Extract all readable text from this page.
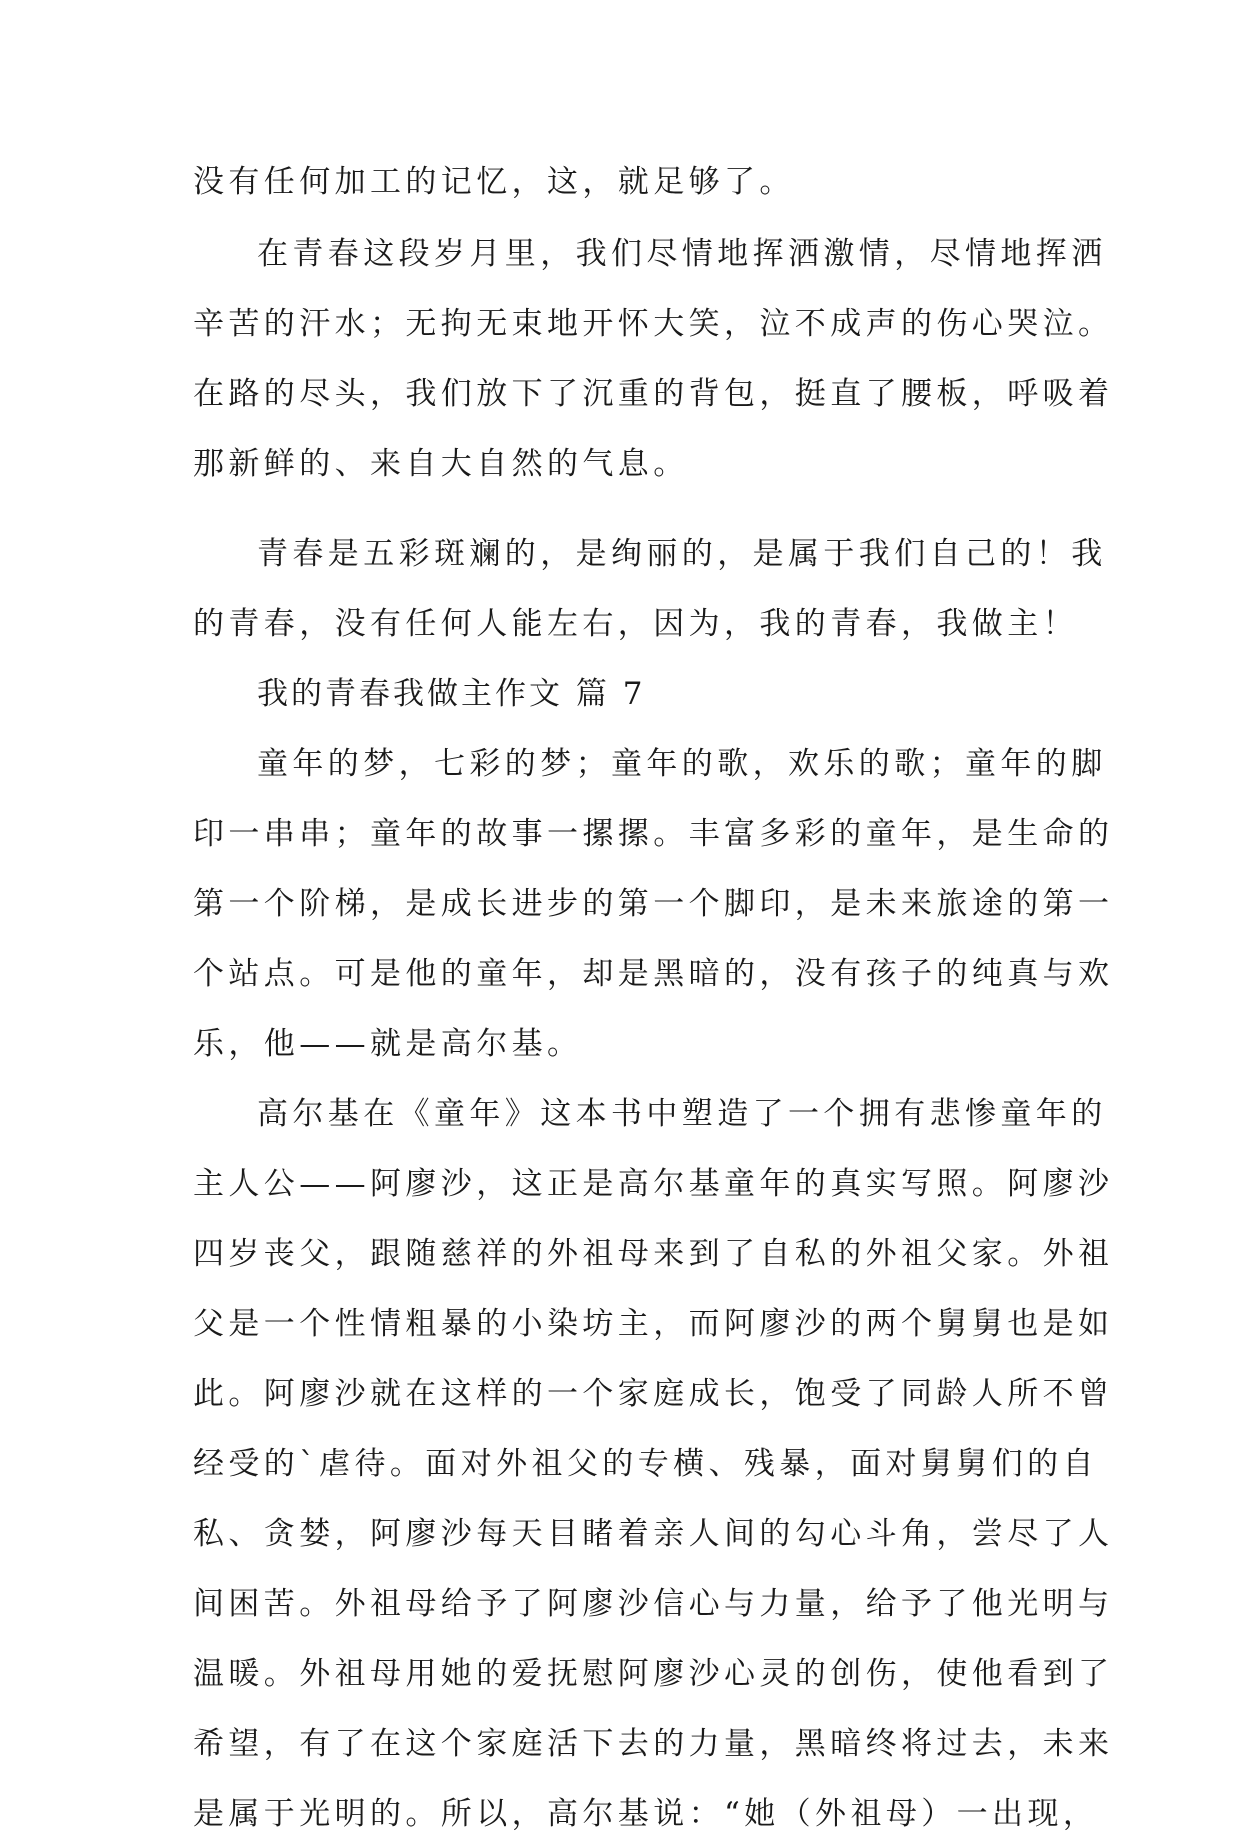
没有任何加工的记忆，这，就足够了。
在青春这段岁月里，我们尽情地挥洒激情，尽情地挥洒
辛苦的汗水；无拘无束地开怀大笑，泣不成声的伤心哭泣。
在路的尽头，我们放下了沉重的背包，挺直了腰板，呼吸着
那新鲜的、来自大自然的气息。
青春是五彩斑斓的，是绚丽的，是属于我们自己的！我
的青春，没有任何人能左右，因为，我的青春，我做主！
我的青春我做主作文 篇 7
童年的梦，七彩的梦；童年的歌，欢乐的歌；童年的脚
印一串串；童年的故事一摞摞。丰富多彩的童年，是生命的
第一个阶梯，是成长进步的第一个脚印，是未来旅途的第一
个站点。可是他的童年，却是黑暗的，没有孩子的纯真与欢
乐，他——就是高尔基。
高尔基在《童年》这本书中塑造了一个拥有悲惨童年的
主人公——阿廖沙，这正是高尔基童年的真实写照。阿廖沙
四岁丧父，跟随慈祥的外祖母来到了自私的外祖父家。外祖
父是一个性情粗暴的小染坊主，而阿廖沙的两个舅舅也是如
此。阿廖沙就在这样的一个家庭成长，饱受了同龄人所不曾
经受的`虐待。面对外祖父的专横、残暴，面对舅舅们的自
私、贪婪，阿廖沙每天目睹着亲人间的勾心斗角，尝尽了人
间困苦。外祖母给予了阿廖沙信心与力量，给予了他光明与
温暖。外祖母用她的爱抚慰阿廖沙心灵的创伤，使他看到了
希望，有了在这个家庭活下去的力量，黑暗终将过去，未来
是属于光明的。所以，高尔基说：“她（外祖母）一出现，
